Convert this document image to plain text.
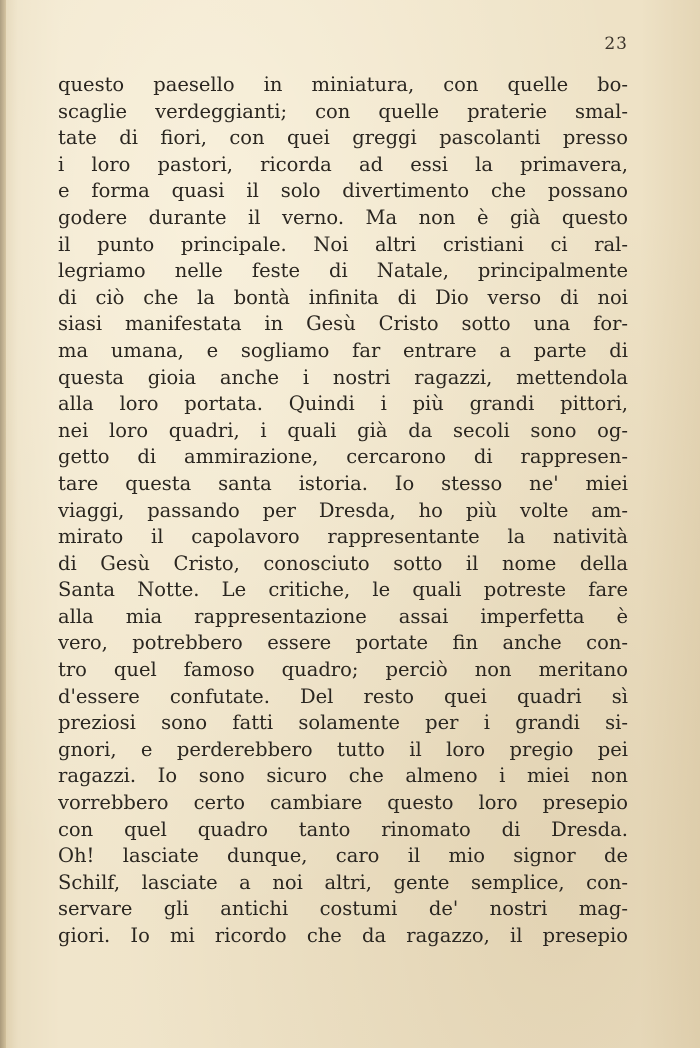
23
questo paesello in miniatura, con quelle bo-
scaglie verdeggianti; con quelle praterie smal-
tate di fiori, con quei greggi pascolanti presso
i loro pastori, ricorda ad essi la primavera,
e forma quasi il solo divertimento che possano
godere durante il verno. Ma non è già questo
il punto principale. Noi altri cristiani ci ral-
legriamo nelle feste di Natale, principalmente
di ciò che la bontà infinita di Dio verso di noi
siasi manifestata in Gesù Cristo sotto una for-
ma umana, e sogliamo far entrare a parte di
questa gioia anche i nostri ragazzi, mettendola
alla loro portata. Quindi i più grandi pittori,
nei loro quadri, i quali già da secoli sono og-
getto di ammirazione, cercarono di rappresen-
tare questa santa istoria. Io stesso ne' miei
viaggi, passando per Dresda, ho più volte am-
mirato il capolavoro rappresentante la natività
di Gesù Cristo, conosciuto sotto il nome della
Santa Notte. Le critiche, le quali potreste fare
alla mia rappresentazione assai imperfetta è
vero, potrebbero essere portate fin anche con-
tro quel famoso quadro; perciò non meritano
d'essere confutate. Del resto quei quadri sì
preziosi sono fatti solamente per i grandi si-
gnori, e perderebbero tutto il loro pregio pei
ragazzi. Io sono sicuro che almeno i miei non
vorrebbero certo cambiare questo loro presepio
con quel quadro tanto rinomato di Dresda.
Oh! lasciate dunque, caro il mio signor de
Schilf, lasciate a noi altri, gente semplice, con-
servare gli antichi costumi de' nostri mag-
giori. Io mi ricordo che da ragazzo, il presepio
